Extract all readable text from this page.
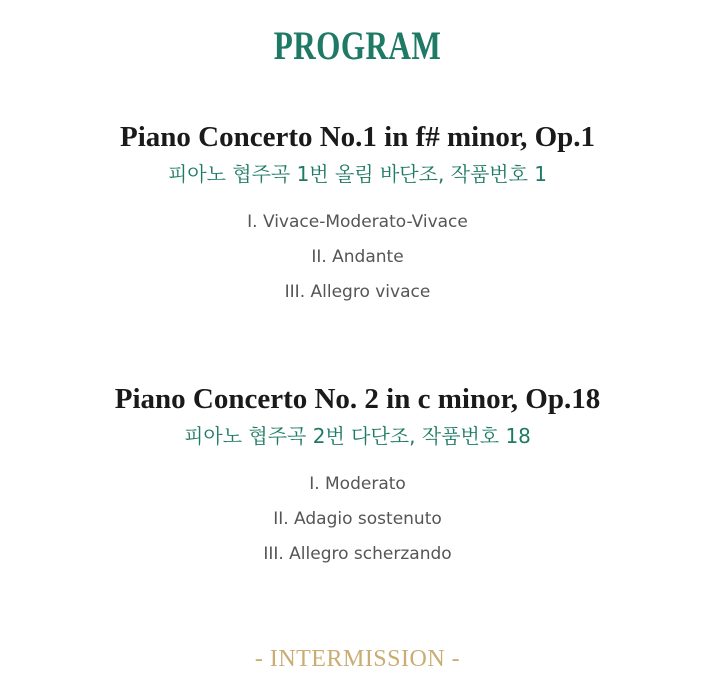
PROGRAM
Piano Concerto No.1 in f# minor, Op.1

피아노 협주곡 1번 올림 바단조, 작품번호 1

I. Vivace-Moderato-Vivace
II. Andante
III. Allegro vivace
Piano Concerto No. 2 in c minor, Op.18

피아노 협주곡 2번 다단조, 작품번호 18

I. Moderato
II. Adagio sostenuto
III. Allegro scherzando
- INTERMISSION -
